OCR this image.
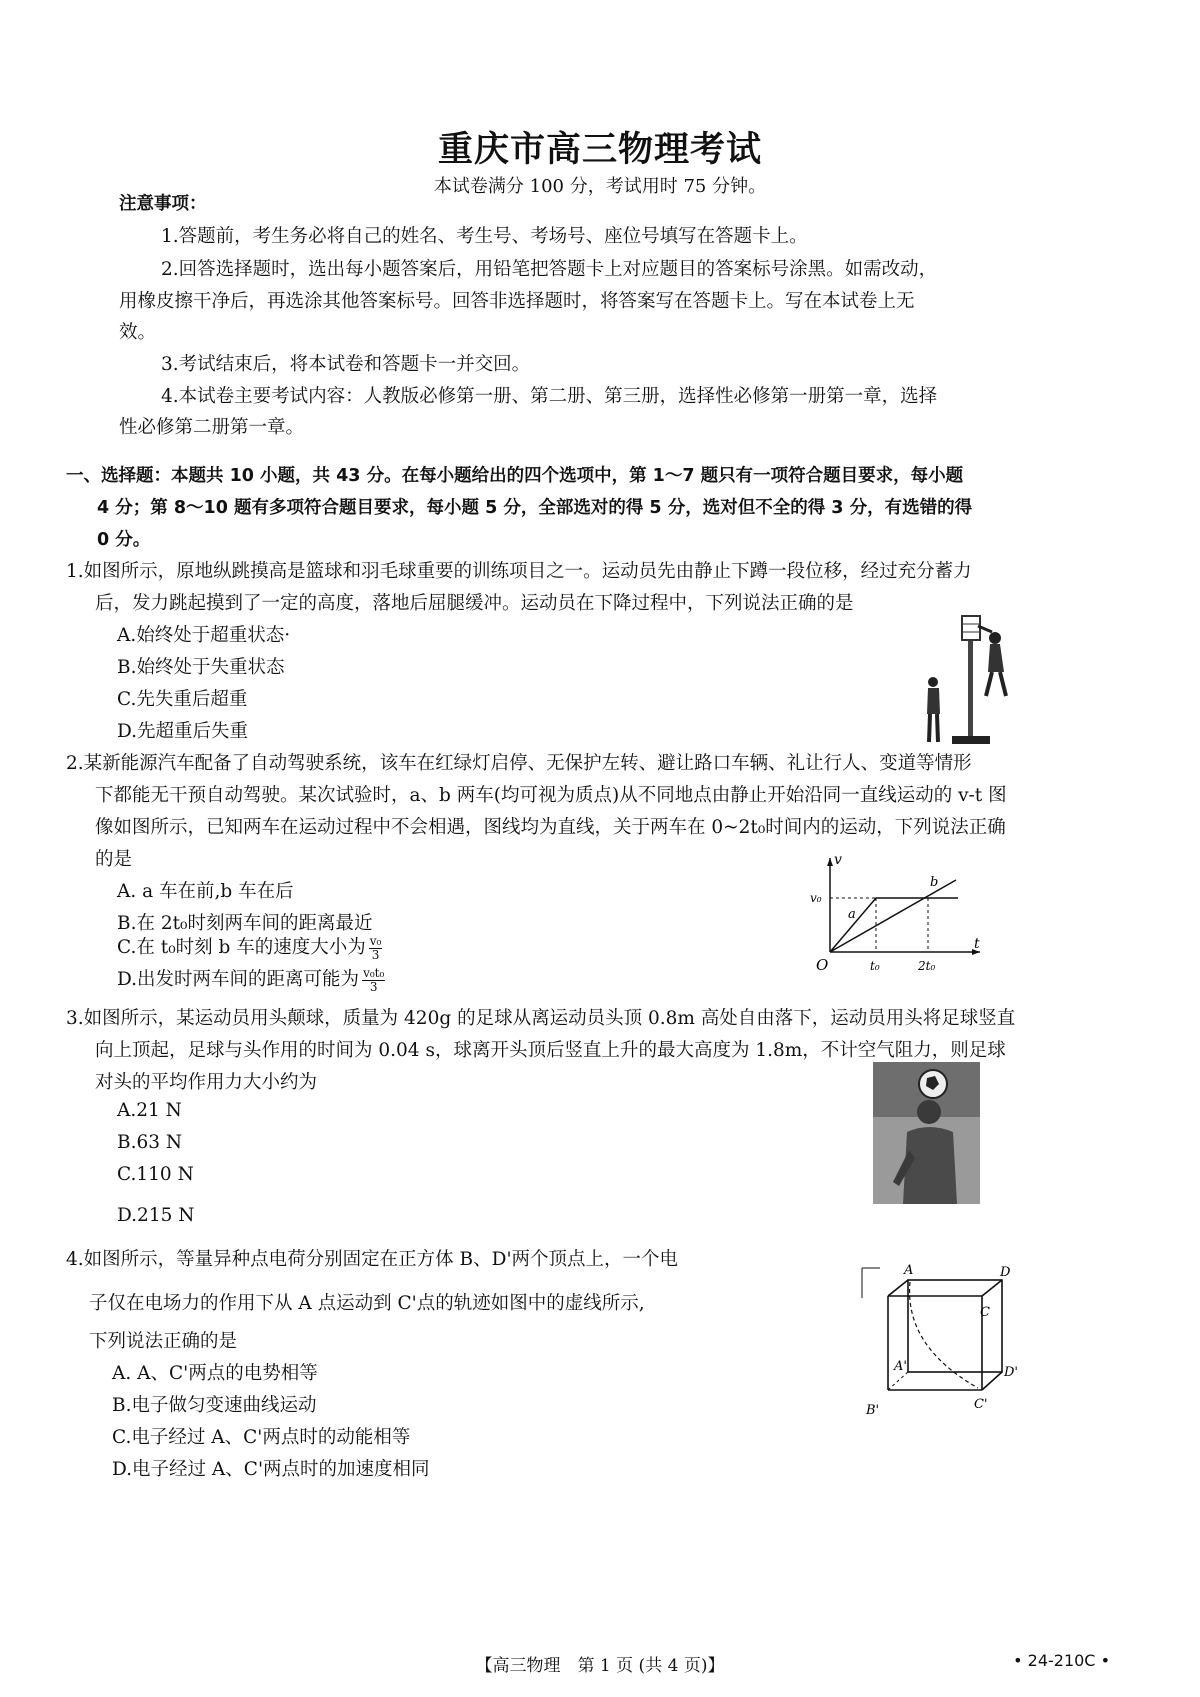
重庆市高三物理考试
本试卷满分 100 分，考试用时 75 分钟。
注意事项：
1.答题前，考生务必将自己的姓名、考生号、考场号、座位号填写在答题卡上。
2.回答选择题时，选出每小题答案后，用铅笔把答题卡上对应题目的答案标号涂黑。如需改动，
用橡皮擦干净后，再选涂其他答案标号。回答非选择题时，将答案写在答题卡上。写在本试卷上无
效。
3.考试结束后，将本试卷和答题卡一并交回。
4.本试卷主要考试内容：人教版必修第一册、第二册、第三册，选择性必修第一册第一章，选择
性必修第二册第一章。
一、选择题：本题共 10 小题，共 43 分。在每小题给出的四个选项中，第 1～7 题只有一项符合题目要求，每小题
4 分；第 8～10 题有多项符合题目要求，每小题 5 分，全部选对的得 5 分，选对但不全的得 3 分，有选错的得
0 分。
1.如图所示，原地纵跳摸高是篮球和羽毛球重要的训练项目之一。运动员先由静止下蹲一段位移，经过充分蓄力
后，发力跳起摸到了一定的高度，落地后屈腿缓冲。运动员在下降过程中，下列说法正确的是
A.始终处于超重状态·
B.始终处于失重状态
C.先失重后超重
D.先超重后失重
2.某新能源汽车配备了自动驾驶系统，该车在红绿灯启停、无保护左转、避让路口车辆、礼让行人、变道等情形
下都能无干预自动驾驶。某次试验时，a、b 两车(均可视为质点)从不同地点由静止开始沿同一直线运动的 v-t 图
像如图所示，已知两车在运动过程中不会相遇，图线均为直线，关于两车在 0~2t₀时间内的运动，下列说法正确
的是
A. a 车在前,b 车在后
B.在 2t₀时刻两车间的距离最近
C.在 t₀时刻 b 车的速度大小为 $\frac{\text{v₀}}{3}$
D.出发时两车间的距离可能为 $\frac{\text{v₀t₀}}{3}$
v
t
O
v₀
t₀	2t₀
a
b
3.如图所示，某运动员用头颠球，质量为 420g 的足球从离运动员头顶 0.8m 高处自由落下，运动员用头将足球竖直
向上顶起，足球与头作用的时间为 0.04 s，球离开头顶后竖直上升的最大高度为 1.8m，不计空气阻力，则足球
对头的平均作用力大小约为
A.21 N
B.63 N
C.110 N
D.215 N
4.如图所示，等量异种点电荷分别固定在正方体 B、D'两个顶点上，一个电
子仅在电场力的作用下从 A 点运动到 C'点的轨迹如图中的虚线所示,
下列说法正确的是
A. A、C'两点的电势相等
B.电子做匀变速曲线运动
C.电子经过 A、C'两点时的动能相等
D.电子经过 A、C'两点时的加速度相同
A	D
C
A'	D'
B'	C'
【高三物理　第 1 页 (共 4 页)】	• 24-210C •
